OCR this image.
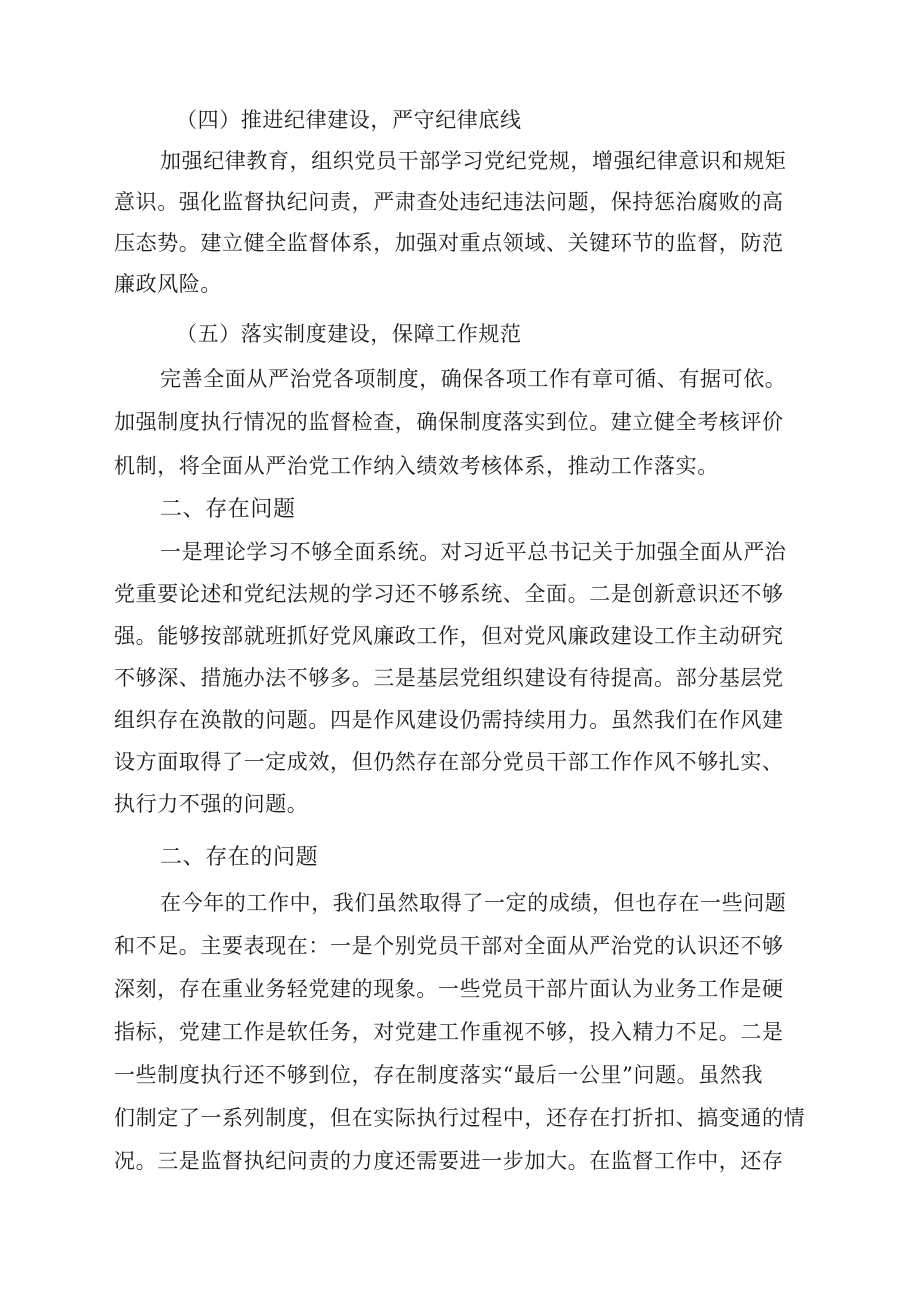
（四）推进纪律建设，严守纪律底线
加强纪律教育，组织党员干部学习党纪党规，增强纪律意识和规矩
意识。强化监督执纪问责，严肃查处违纪违法问题，保持惩治腐败的高
压态势。建立健全监督体系，加强对重点领域、关键环节的监督，防范
廉政风险。
（五）落实制度建设，保障工作规范
完善全面从严治党各项制度，确保各项工作有章可循、有据可依。
加强制度执行情况的监督检查，确保制度落实到位。建立健全考核评价
机制，将全面从严治党工作纳入绩效考核体系，推动工作落实。
二、存在问题
一是理论学习不够全面系统。对习近平总书记关于加强全面从严治
党重要论述和党纪法规的学习还不够系统、全面。二是创新意识还不够
强。能够按部就班抓好党风廉政工作，但对党风廉政建设工作主动研究
不够深、措施办法不够多。三是基层党组织建设有待提高。部分基层党
组织存在涣散的问题。四是作风建设仍需持续用力。虽然我们在作风建
设方面取得了一定成效，但仍然存在部分党员干部工作作风不够扎实、
执行力不强的问题。
二、存在的问题
在今年的工作中，我们虽然取得了一定的成绩，但也存在一些问题
和不足。主要表现在：一是个别党员干部对全面从严治党的认识还不够
深刻，存在重业务轻党建的现象。一些党员干部片面认为业务工作是硬
指标，党建工作是软任务，对党建工作重视不够，投入精力不足。二是
一些制度执行还不够到位，存在制度落实“最后一公里”问题。虽然我
们制定了一系列制度，但在实际执行过程中，还存在打折扣、搞变通的情
况。三是监督执纪问责的力度还需要进一步加大。在监督工作中，还存
